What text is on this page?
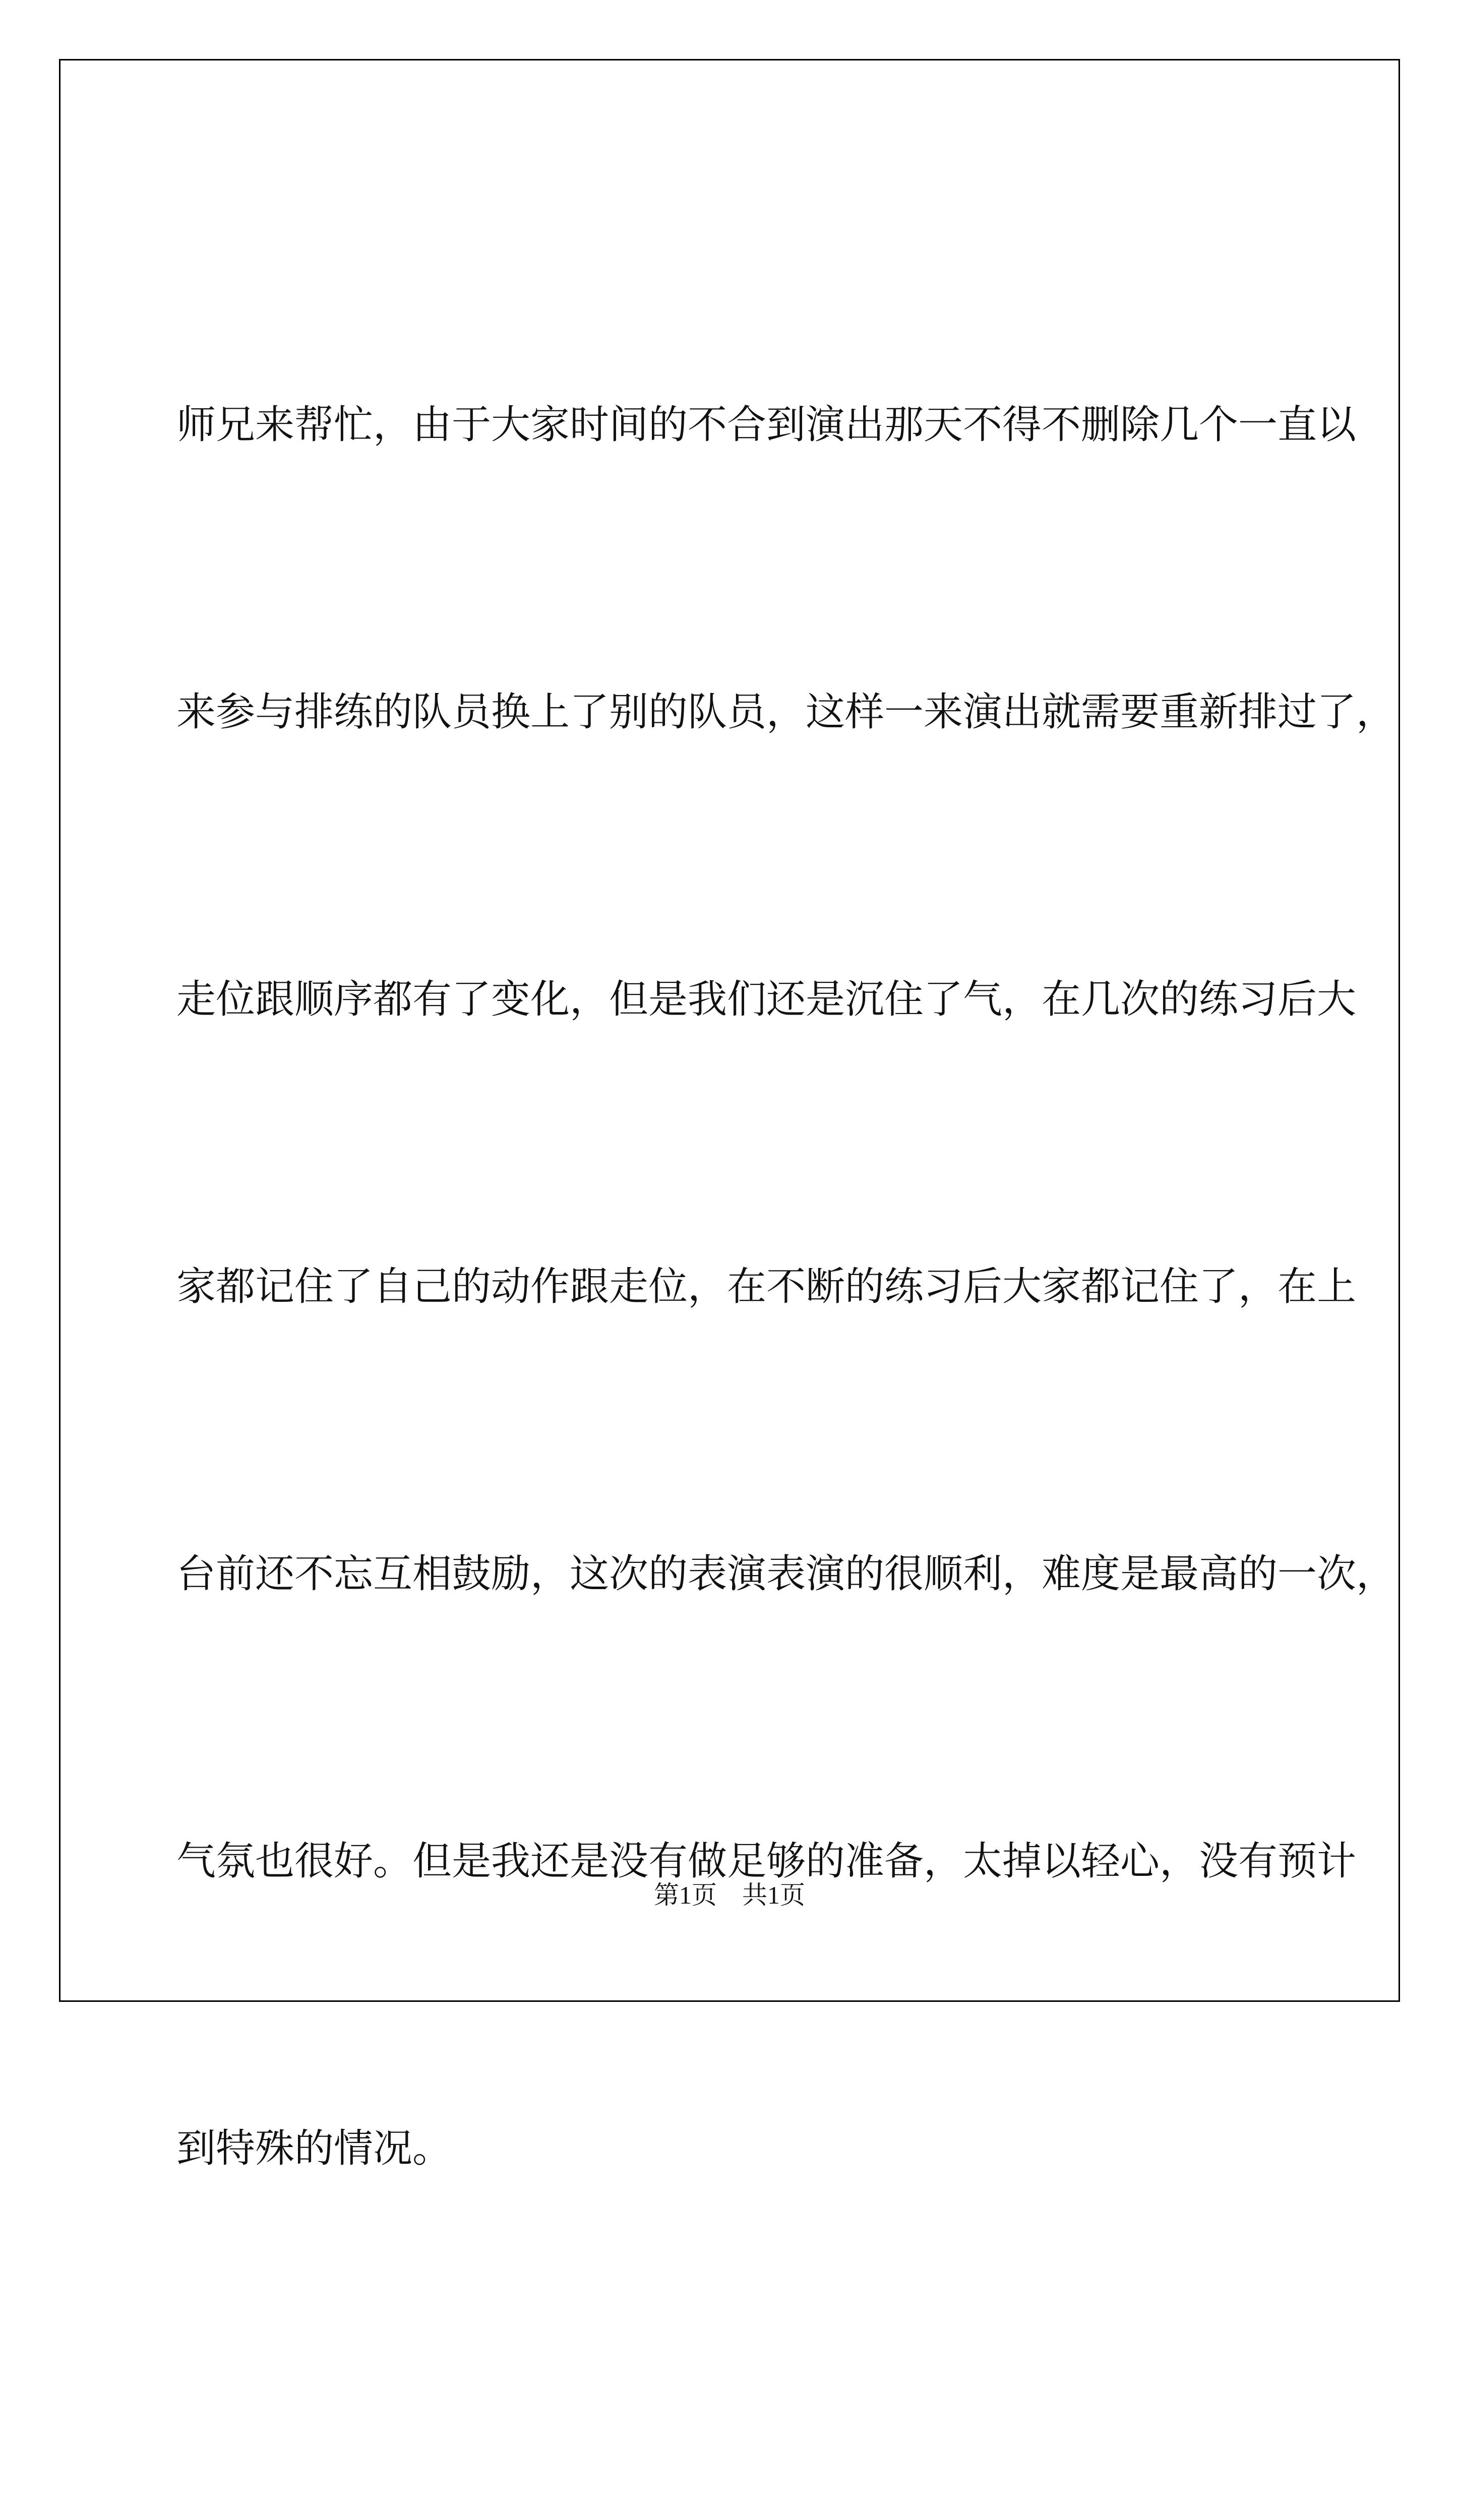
师兄来帮忙，由于大家时间的不合到演出那天不得不删除几个一直以

来参与排练的队员换上了别的队员，这样一来演出就需要重新排过了，

走位跟顺序都有了变化，但是我们还是沉住了气，在几次的练习后大

家都记住了自己的动作跟走位，在不断的练习后大家都记住了，在上

台前还不忘互相鼓励，这次的表演表演的很顺利，难度是最高的一次，

气氛也很好。但是我还是没有做足够的准备，太掉以轻心，没有预计

到特殊的情况。

第1页　共1页
